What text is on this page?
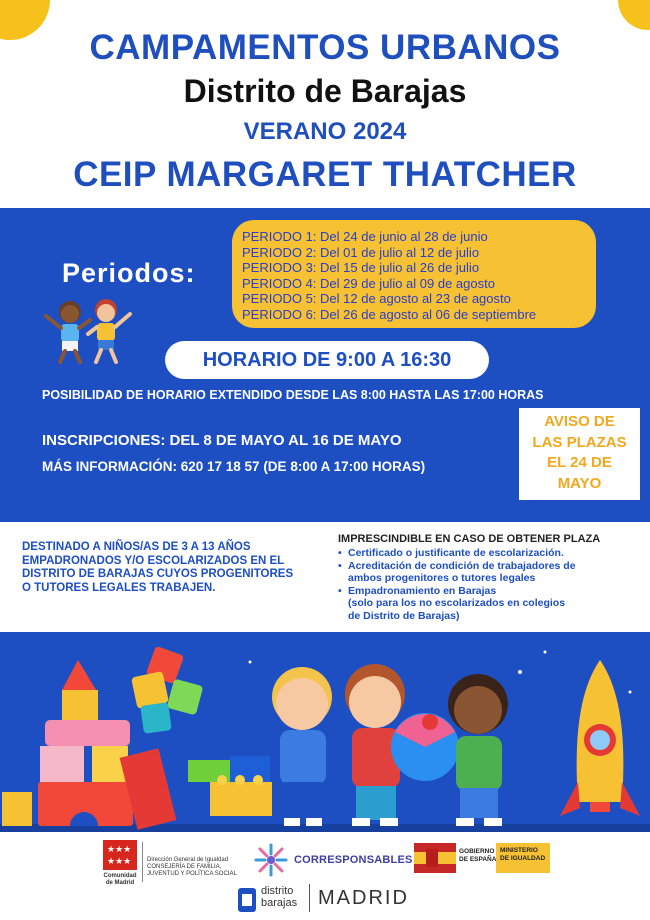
CAMPAMENTOS URBANOS
Distrito de Barajas
VERANO 2024
CEIP MARGARET THATCHER
Periodos:
PERIODO 1: Del 24 de junio al 28 de junio
PERIODO 2: Del 01 de julio al 12 de julio
PERIODO 3: Del 15 de julio al 26 de julio
PERIODO 4: Del 29 de julio al 09 de agosto
PERIODO 5: Del 12 de agosto al 23 de agosto
PERIODO 6: Del 26 de agosto al 06 de septiembre
HORARIO DE 9:00 A 16:30
POSIBILIDAD DE HORARIO EXTENDIDO DESDE LAS 8:00 HASTA LAS 17:00 HORAS
INSCRIPCIONES: DEL 8 DE MAYO AL 16 DE MAYO
MÁS INFORMACIÓN: 620 17 18 57 (DE 8:00 A 17:00 HORAS)
AVISO DE
LAS PLAZAS
EL 24 DE
MAYO
DESTINADO A NIÑOS/AS DE 3 A 13 AÑOS
EMPADRONADOS Y/O ESCOLARIZADOS EN EL
DISTRITO DE BARAJAS CUYOS PROGENITORES
O TUTORES LEGALES TRABAJEN.
IMPRESCINDIBLE EN CASO DE OBTENER PLAZA
• Certificado o justificante de escolarización.
• Acreditación de condición de trabajadores de
ambos progenitores o tutores legales
• Empadronamiento en Barajas
(solo para los no escolarizados en colegios
de Distrito de Barajas)
★★★
★★★
Comunidad
de Madrid
Dirección General de Igualdad
CONSEJERÍA DE FAMILIA,
JUVENTUD Y POLÍTICA SOCIAL
CORRESPONSABLES
GOBIERNO
DE ESPAÑA
MINISTERIO
DE IGUALDAD
distrito
barajas MADRID
